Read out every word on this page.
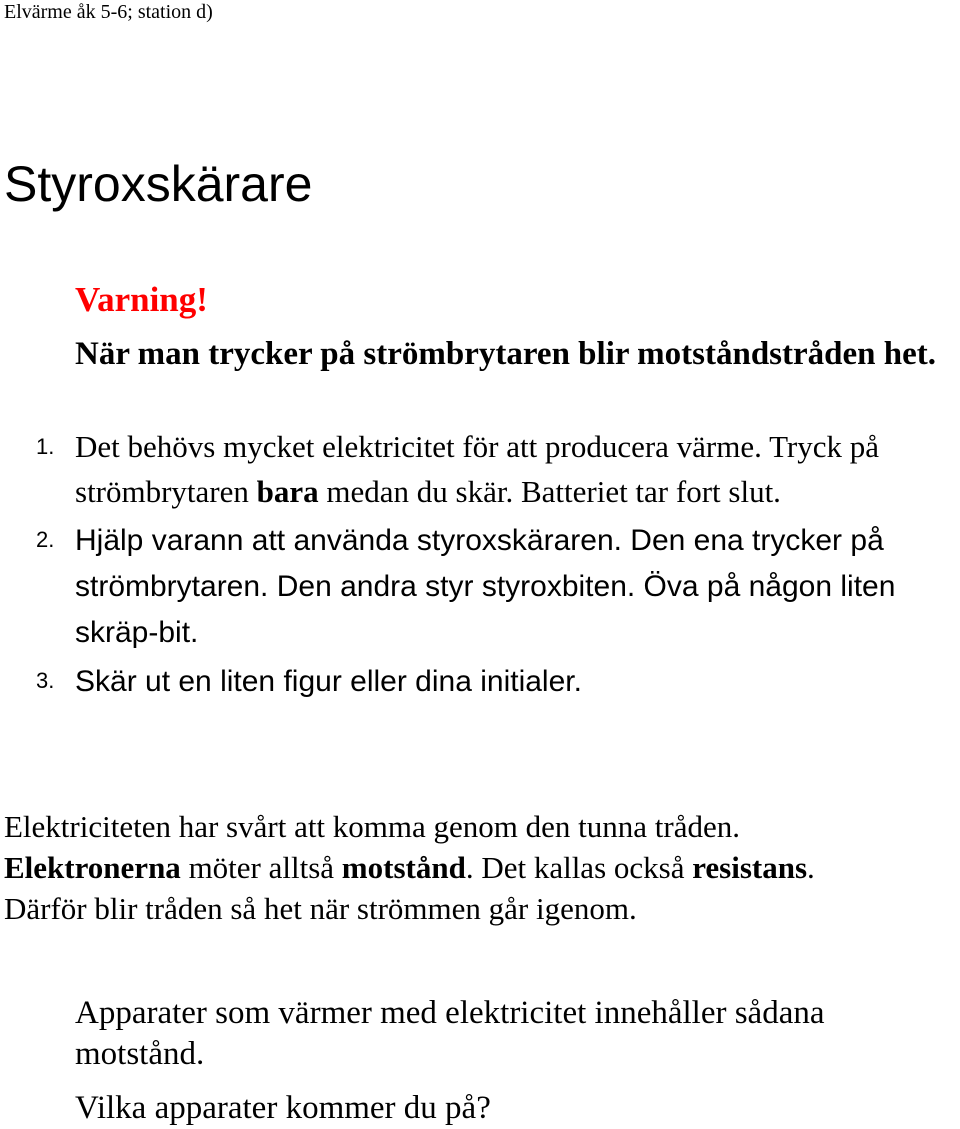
Elvärme åk 5-6; station d)
Styroxskärare
Varning!
När man trycker på strömbrytaren blir motståndstråden het.
1. Det behövs mycket elektricitet för att producera värme. Tryck på strömbrytaren bara medan du skär. Batteriet tar fort slut.
2. Hjälp varann att använda styroxskäraren. Den ena trycker på strömbrytaren. Den andra styr styroxbiten. Öva på någon liten skräp-bit.
3. Skär ut en liten figur eller dina initialer.
Elektriciteten har svårt att komma genom den tunna tråden.
Elektronerna möter alltså motstånd. Det kallas också resistans.
Därför blir tråden så het när strömmen går igenom.
Apparater som värmer med elektricitet innehåller sådana motstånd.
Vilka apparater kommer du på?
